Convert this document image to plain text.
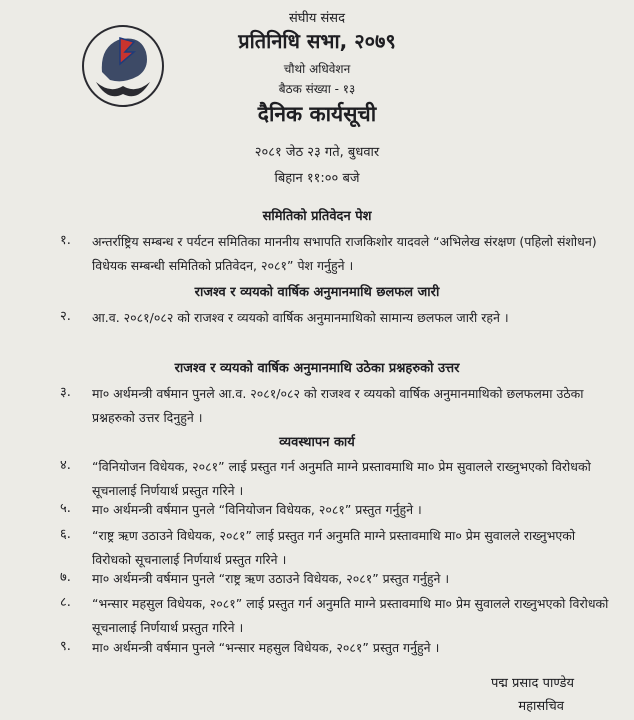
संघीय संसद
प्रतिनिधि सभा, २०७९
चौथो अधिवेशन
बैठक संख्या - १३
दैनिक कार्यसूची
२०८१ जेठ २३ गते, बुधवार
बिहान ११:०० बजे
समितिको प्रतिवेदन पेश
१. अन्तर्राष्ट्रिय सम्बन्ध र पर्यटन समितिका माननीय सभापति राजकिशोर यादवले “अभिलेख संरक्षण (पहिलो संशोधन) विधेयक सम्बन्धी समितिको प्रतिवेदन, २०८१” पेश गर्नुहुने ।
राजश्व र व्ययको वार्षिक अनुमानमाथि छलफल जारी
२. आ.व. २०८१/०८२ को राजश्व र व्ययको वार्षिक अनुमानमाथिको सामान्य छलफल जारी रहने ।
राजश्व र व्ययको वार्षिक अनुमानमाथि उठेका प्रश्नहरुको उत्तर
३. मा० अर्थमन्त्री वर्षमान पुनले आ.व. २०८१/०८२ को राजश्व र व्ययको वार्षिक अनुमानमाथिको छलफलमा उठेका प्रश्नहरुको उत्तर दिनुहुने ।
व्यवस्थापन कार्य
४. “विनियोजन विधेयक, २०८१” लाई प्रस्तुत गर्न अनुमति माग्ने प्रस्तावमाथि मा० प्रेम सुवालले राख्नुभएको विरोधको सूचनालाई निर्णयार्थ प्रस्तुत गरिने ।
५. मा० अर्थमन्त्री वर्षमान पुनले “विनियोजन विधेयक, २०८१” प्रस्तुत गर्नुहुने ।
६. “राष्ट्र ऋण उठाउने विधेयक, २०८१” लाई प्रस्तुत गर्न अनुमति माग्ने प्रस्तावमाथि मा० प्रेम सुवालले राख्नुभएको विरोधको सूचनालाई निर्णयार्थ प्रस्तुत गरिने ।
७. मा० अर्थमन्त्री वर्षमान पुनले “राष्ट्र ऋण उठाउने विधेयक, २०८१” प्रस्तुत गर्नुहुने ।
८. “भन्सार महसुल विधेयक, २०८१” लाई प्रस्तुत गर्न अनुमति माग्ने प्रस्तावमाथि मा० प्रेम सुवालले राख्नुभएको विरोधको सूचनालाई निर्णयार्थ प्रस्तुत गरिने ।
९. मा० अर्थमन्त्री वर्षमान पुनले “भन्सार महसुल विधेयक, २०८१” प्रस्तुत गर्नुहुने ।
पद्म प्रसाद पाण्डेय
महासचिव
